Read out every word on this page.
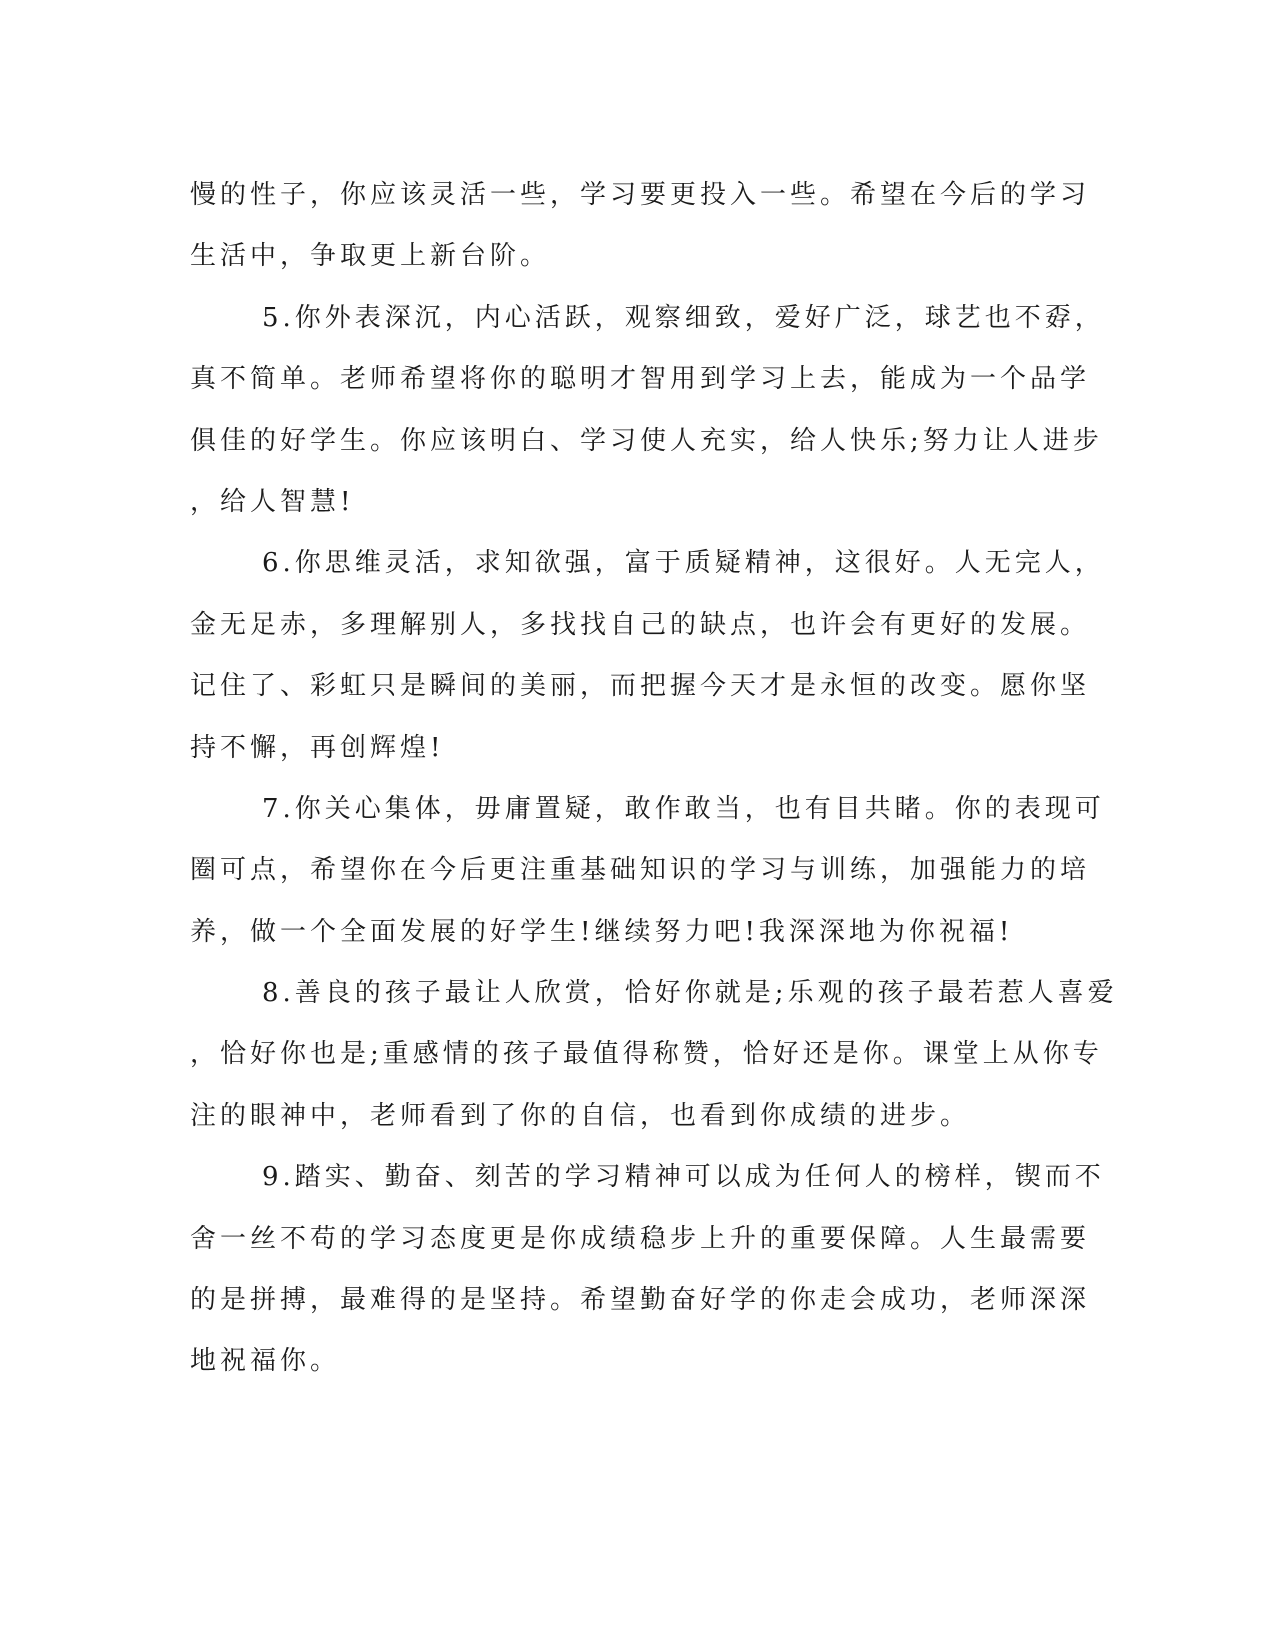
慢的性子，你应该灵活一些，学习要更投入一些。希望在今后的学习
生活中，争取更上新台阶。
5.你外表深沉，内心活跃，观察细致，爱好广泛，球艺也不孬，
真不简单。老师希望将你的聪明才智用到学习上去，能成为一个品学
俱佳的好学生。你应该明白、学习使人充实，给人快乐;努力让人进步
，给人智慧!
6.你思维灵活，求知欲强，富于质疑精神，这很好。人无完人，
金无足赤，多理解别人，多找找自己的缺点，也许会有更好的发展。
记住了、彩虹只是瞬间的美丽，而把握今天才是永恒的改变。愿你坚
持不懈，再创辉煌!
7.你关心集体，毋庸置疑，敢作敢当，也有目共睹。你的表现可
圈可点，希望你在今后更注重基础知识的学习与训练，加强能力的培
养，做一个全面发展的好学生!继续努力吧!我深深地为你祝福!
8.善良的孩子最让人欣赏，恰好你就是;乐观的孩子最若惹人喜爱
，恰好你也是;重感情的孩子最值得称赞，恰好还是你。课堂上从你专
注的眼神中，老师看到了你的自信，也看到你成绩的进步。
9.踏实、勤奋、刻苦的学习精神可以成为任何人的榜样，锲而不
舍一丝不苟的学习态度更是你成绩稳步上升的重要保障。人生最需要
的是拼搏，最难得的是坚持。希望勤奋好学的你走会成功，老师深深
地祝福你。
